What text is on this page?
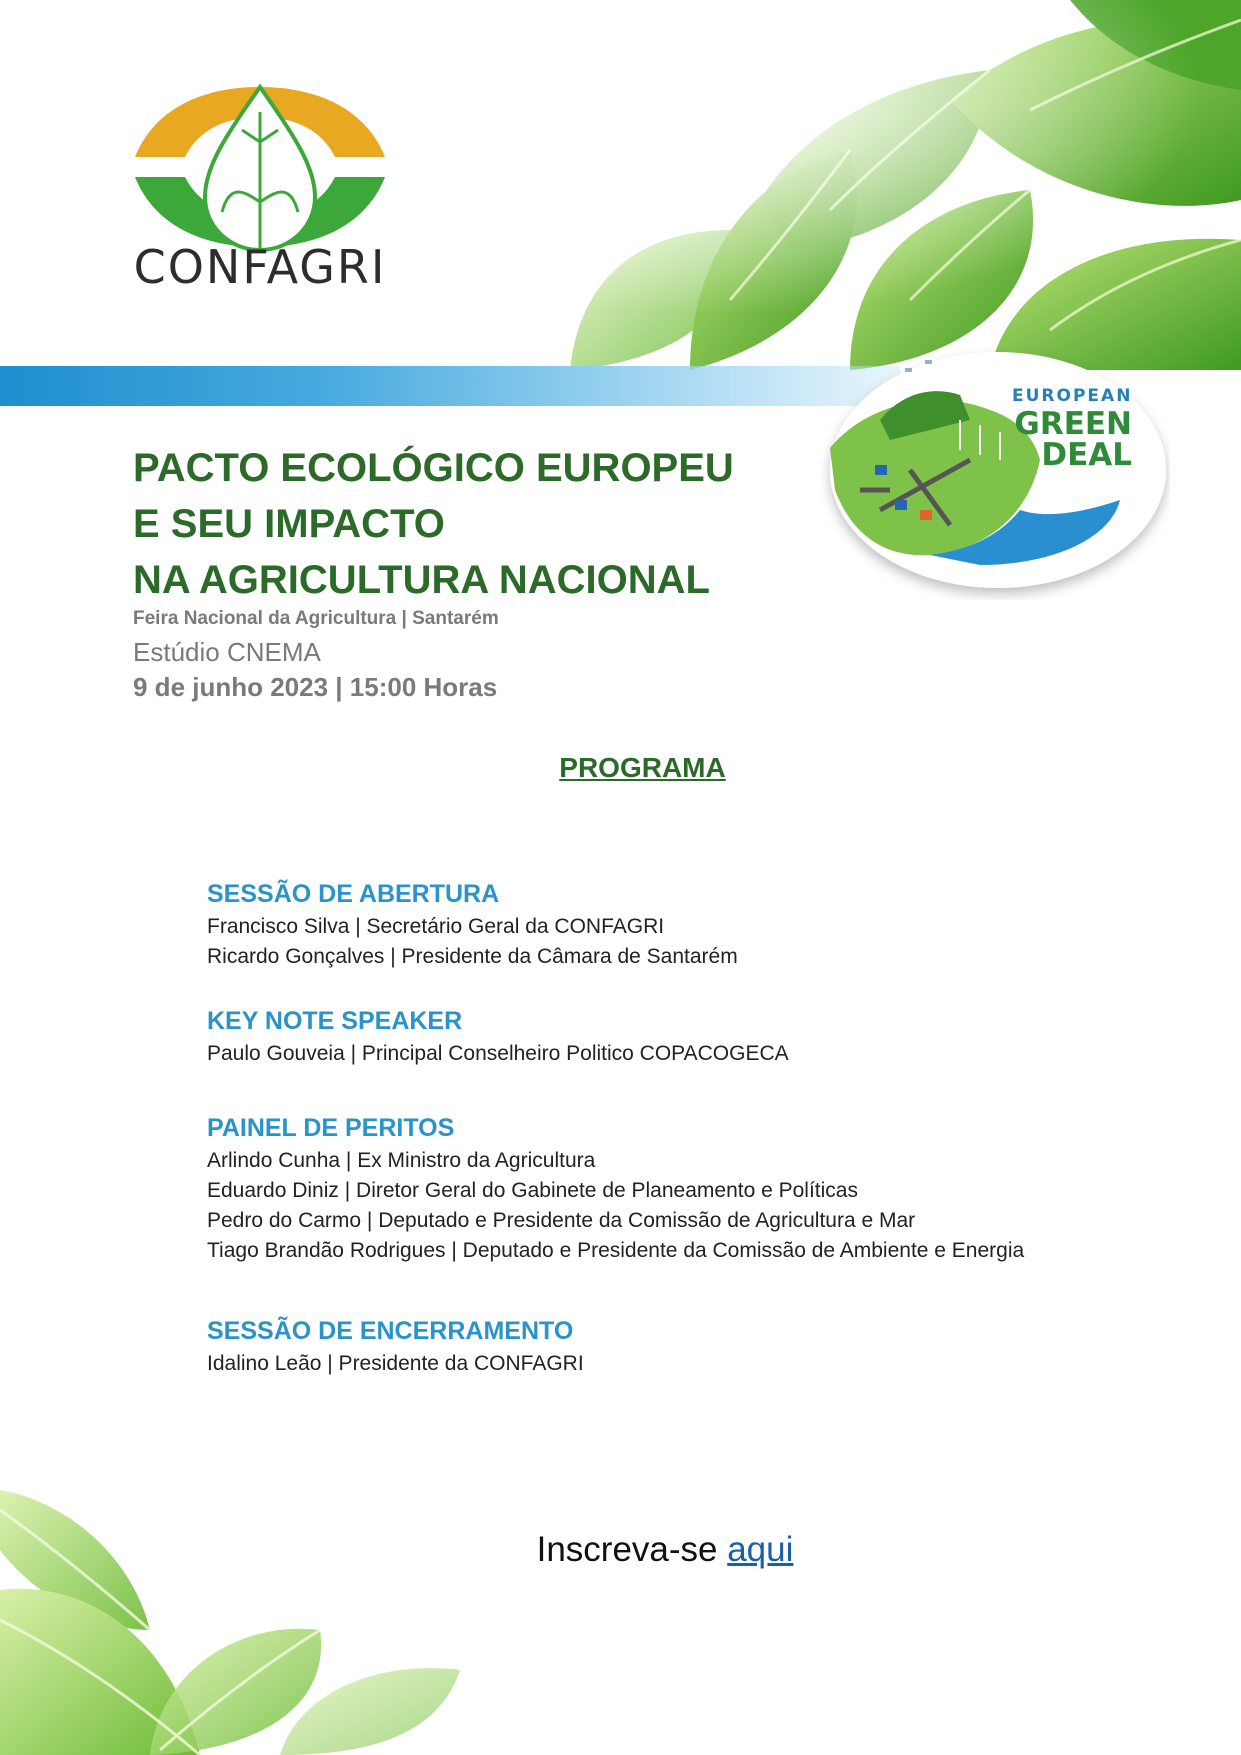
CONFAGRI
EUROPEAN
GREEN
DEAL
PACTO ECOLÓGICO EUROPEU
E SEU IMPACTO
NA AGRICULTURA NACIONAL
Feira Nacional da Agricultura | Santarém
Estúdio CNEMA
9 de junho 2023 | 15:00 Horas
PROGRAMA
SESSÃO DE ABERTURA
Francisco Silva | Secretário Geral da CONFAGRI
Ricardo Gonçalves | Presidente da Câmara de Santarém
KEY NOTE SPEAKER
Paulo Gouveia | Principal Conselheiro Politico COPACOGECA
PAINEL DE PERITOS
Arlindo Cunha | Ex Ministro da Agricultura
Eduardo Diniz | Diretor Geral do Gabinete de Planeamento e Políticas
Pedro do Carmo | Deputado e Presidente da Comissão de Agricultura e Mar
Tiago Brandão Rodrigues | Deputado e Presidente da Comissão de Ambiente e Energia
SESSÃO DE ENCERRAMENTO
Idalino Leão | Presidente da CONFAGRI
Inscreva-se aqui
